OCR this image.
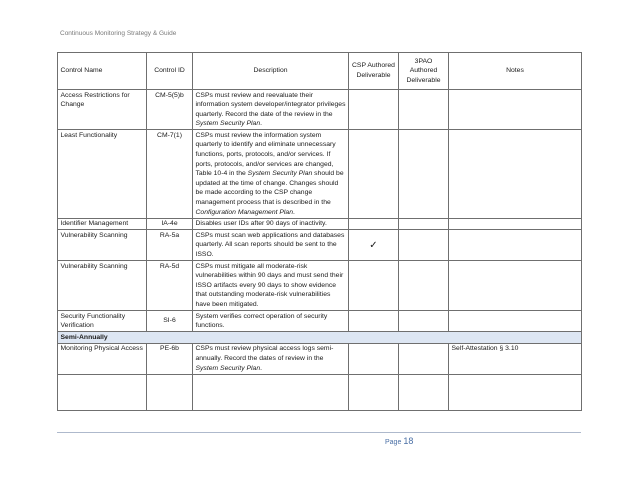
Continuous Monitoring Strategy & Guide
Control Name	Control ID	Description	CSP Authored Deliverable	3PAO Authored Deliverable	Notes
Access Restrictions for Change	CM-5(5)b	CSPs must review and reevaluate their information system developer/integrator privileges quarterly. Record the date of the review in the System Security Plan.			
Least Functionality	CM-7(1)	CSPs must review the information system quarterly to identify and eliminate unnecessary functions, ports, protocols, and/or services. If ports, protocols, and/or services are changed, Table 10-4 in the System Security Plan should be updated at the time of change. Changes should be made according to the CSP change management process that is described in the Configuration Management Plan.			
Identifier Management	IA-4e	Disables user IDs after 90 days of inactivity.			
Vulnerability Scanning	RA-5a	CSPs must scan web applications and databases quarterly. All scan reports should be sent to the ISSO.	✓		
Vulnerability Scanning	RA-5d	CSPs must mitigate all moderate-risk vulnerabilities within 90 days and must send their ISSO artifacts every 90 days to show evidence that outstanding moderate-risk vulnerabilities have been mitigated.			
Security Functionality Verification	SI-6	System verifies correct operation of security functions.			
Semi-Annually					
Monitoring Physical Access	PE-6b	CSPs must review physical access logs semi-annually. Record the dates of review in the System Security Plan.			Self-Attestation § 3.10

Page 18
